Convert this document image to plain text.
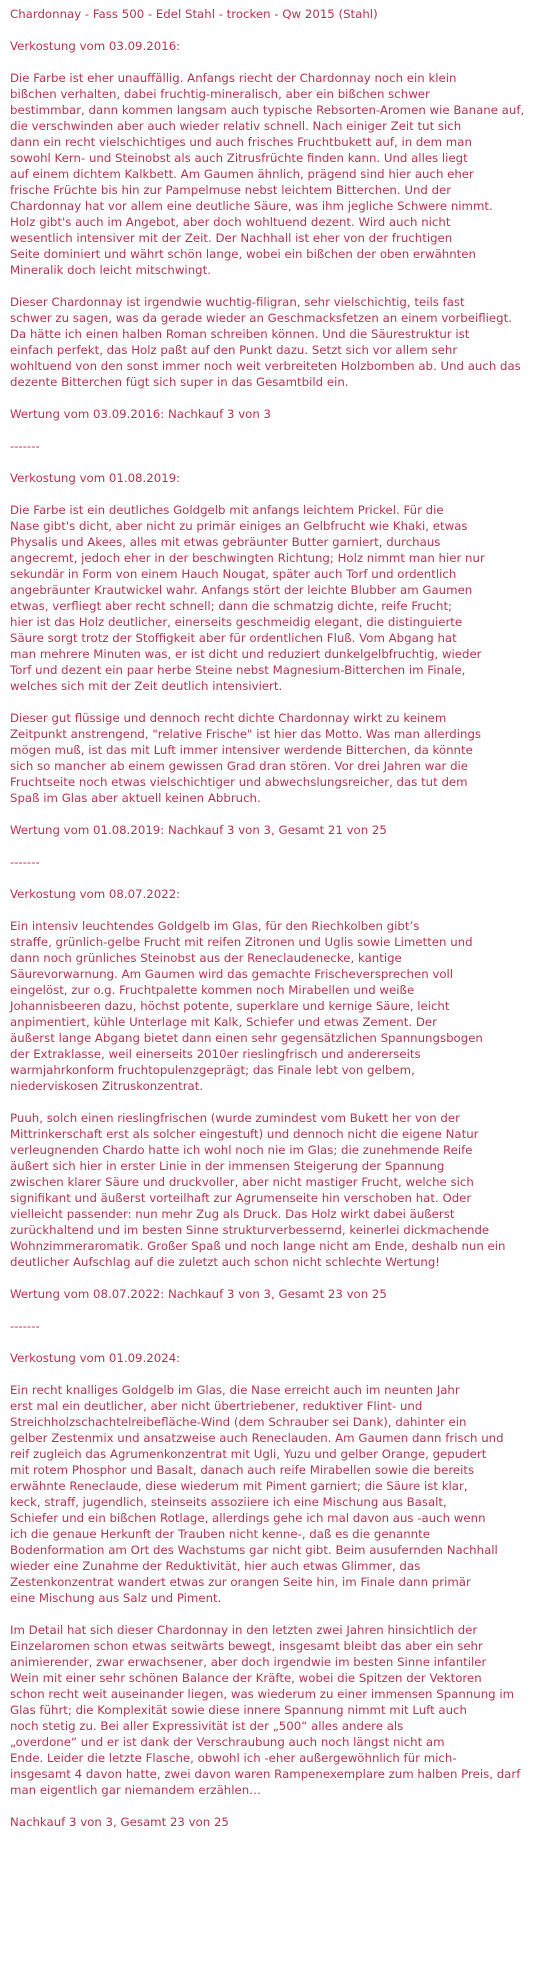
Chardonnay - Fass 500 - Edel Stahl - trocken - Qw 2015 (Stahl)
Verkostung vom 03.09.2016:
Die Farbe ist eher unauffällig. Anfangs riecht der Chardonnay noch ein klein
bißchen verhalten, dabei fruchtig-mineralisch, aber ein bißchen schwer
bestimmbar, dann kommen langsam auch typische Rebsorten-Aromen wie Banane auf,
die verschwinden aber auch wieder relativ schnell. Nach einiger Zeit tut sich
dann ein recht vielschichtiges und auch frisches Fruchtbukett auf, in dem man
sowohl Kern- und Steinobst als auch Zitrusfrüchte finden kann. Und alles liegt
auf einem dichtem Kalkbett. Am Gaumen ähnlich, prägend sind hier auch eher
frische Früchte bis hin zur Pampelmuse nebst leichtem Bitterchen. Und der
Chardonnay hat vor allem eine deutliche Säure, was ihm jegliche Schwere nimmt.
Holz gibt's auch im Angebot, aber doch wohltuend dezent. Wird auch nicht
wesentlich intensiver mit der Zeit. Der Nachhall ist eher von der fruchtigen
Seite dominiert und währt schön lange, wobei ein bißchen der oben erwähnten
Mineralik doch leicht mitschwingt.
Dieser Chardonnay ist irgendwie wuchtig-filigran, sehr vielschichtig, teils fast
schwer zu sagen, was da gerade wieder an Geschmacksfetzen an einem vorbeifliegt.
Da hätte ich einen halben Roman schreiben können. Und die Säurestruktur ist
einfach perfekt, das Holz paßt auf den Punkt dazu. Setzt sich vor allem sehr
wohltuend von den sonst immer noch weit verbreiteten Holzbomben ab. Und auch das
dezente Bitterchen fügt sich super in das Gesamtbild ein.
Wertung vom 03.09.2016: Nachkauf 3 von 3
-------
Verkostung vom 01.08.2019:
Die Farbe ist ein deutliches Goldgelb mit anfangs leichtem Prickel. Für die
Nase gibt's dicht, aber nicht zu primär einiges an Gelbfrucht wie Khaki, etwas
Physalis und Akees, alles mit etwas gebräunter Butter garniert, durchaus
angecremt, jedoch eher in der beschwingten Richtung; Holz nimmt man hier nur
sekundär in Form von einem Hauch Nougat, später auch Torf und ordentlich
angebräunter Krautwickel wahr. Anfangs stört der leichte Blubber am Gaumen
etwas, verfliegt aber recht schnell; dann die schmatzig dichte, reife Frucht;
hier ist das Holz deutlicher, einerseits geschmeidig elegant, die distinguierte
Säure sorgt trotz der Stoffigkeit aber für ordentlichen Fluß. Vom Abgang hat
man mehrere Minuten was, er ist dicht und reduziert dunkelgelbfruchtig, wieder
Torf und dezent ein paar herbe Steine nebst Magnesium-Bitterchen im Finale,
welches sich mit der Zeit deutlich intensiviert.
Dieser gut flüssige und dennoch recht dichte Chardonnay wirkt zu keinem
Zeitpunkt anstrengend, "relative Frische" ist hier das Motto. Was man allerdings
mögen muß, ist das mit Luft immer intensiver werdende Bitterchen, da könnte
sich so mancher ab einem gewissen Grad dran stören. Vor drei Jahren war die
Fruchtseite noch etwas vielschichtiger und abwechslungsreicher, das tut dem
Spaß im Glas aber aktuell keinen Abbruch.
Wertung vom 01.08.2019: Nachkauf 3 von 3, Gesamt 21 von 25
-------
Verkostung vom 08.07.2022:
Ein intensiv leuchtendes Goldgelb im Glas, für den Riechkolben gibt’s
straffe, grünlich-gelbe Frucht mit reifen Zitronen und Uglis sowie Limetten und
dann noch grünliches Steinobst aus der Reneclaudenecke, kantige
Säurevorwarnung. Am Gaumen wird das gemachte Frischeversprechen voll
eingelöst, zur o.g. Fruchtpalette kommen noch Mirabellen und weiße
Johannisbeeren dazu, höchst potente, superklare und kernige Säure, leicht
anpimentiert, kühle Unterlage mit Kalk, Schiefer und etwas Zement. Der
äußerst lange Abgang bietet dann einen sehr gegensätzlichen Spannungsbogen
der Extraklasse, weil einerseits 2010er rieslingfrisch und andererseits
warmjahrkonform fruchtopulenzgeprägt; das Finale lebt von gelbem,
niederviskosen Zitruskonzentrat.
Puuh, solch einen rieslingfrischen (wurde zumindest vom Bukett her von der
Mittrinkerschaft erst als solcher eingestuft) und dennoch nicht die eigene Natur
verleugnenden Chardo hatte ich wohl noch nie im Glas; die zunehmende Reife
äußert sich hier in erster Linie in der immensen Steigerung der Spannung
zwischen klarer Säure und druckvoller, aber nicht mastiger Frucht, welche sich
signifikant und äußerst vorteilhaft zur Agrumenseite hin verschoben hat. Oder
vielleicht passender: nun mehr Zug als Druck. Das Holz wirkt dabei äußerst
zurückhaltend und im besten Sinne strukturverbessernd, keinerlei dickmachende
Wohnzimmeraromatik. Großer Spaß und noch lange nicht am Ende, deshalb nun ein
deutlicher Aufschlag auf die zuletzt auch schon nicht schlechte Wertung!
Wertung vom 08.07.2022: Nachkauf 3 von 3, Gesamt 23 von 25
-------
Verkostung vom 01.09.2024:
Ein recht knalliges Goldgelb im Glas, die Nase erreicht auch im neunten Jahr
erst mal ein deutlicher, aber nicht übertriebener, reduktiver Flint- und
Streichholzschachtelreibefläche-Wind (dem Schrauber sei Dank), dahinter ein
gelber Zestenmix und ansatzweise auch Reneclauden. Am Gaumen dann frisch und
reif zugleich das Agrumenkonzentrat mit Ugli, Yuzu und gelber Orange, gepudert
mit rotem Phosphor und Basalt, danach auch reife Mirabellen sowie die bereits
erwähnte Reneclaude, diese wiederum mit Piment garniert; die Säure ist klar,
keck, straff, jugendlich, steinseits assoziiere ich eine Mischung aus Basalt,
Schiefer und ein bißchen Rotlage, allerdings gehe ich mal davon aus -auch wenn
ich die genaue Herkunft der Trauben nicht kenne-, daß es die genannte
Bodenformation am Ort des Wachstums gar nicht gibt. Beim ausufernden Nachhall
wieder eine Zunahme der Reduktivität, hier auch etwas Glimmer, das
Zestenkonzentrat wandert etwas zur orangen Seite hin, im Finale dann primär
eine Mischung aus Salz und Piment.
Im Detail hat sich dieser Chardonnay in den letzten zwei Jahren hinsichtlich der
Einzelaromen schon etwas seitwärts bewegt, insgesamt bleibt das aber ein sehr
animierender, zwar erwachsener, aber doch irgendwie im besten Sinne infantiler
Wein mit einer sehr schönen Balance der Kräfte, wobei die Spitzen der Vektoren
schon recht weit auseinander liegen, was wiederum zu einer immensen Spannung im
Glas führt; die Komplexität sowie diese innere Spannung nimmt mit Luft auch
noch stetig zu. Bei aller Expressivität ist der „500“ alles andere als
„overdone“ und er ist dank der Verschraubung auch noch längst nicht am
Ende. Leider die letzte Flasche, obwohl ich -eher außergewöhnlich für mich-
insgesamt 4 davon hatte, zwei davon waren Rampenexemplare zum halben Preis, darf
man eigentlich gar niemandem erzählen…
Nachkauf 3 von 3, Gesamt 23 von 25
